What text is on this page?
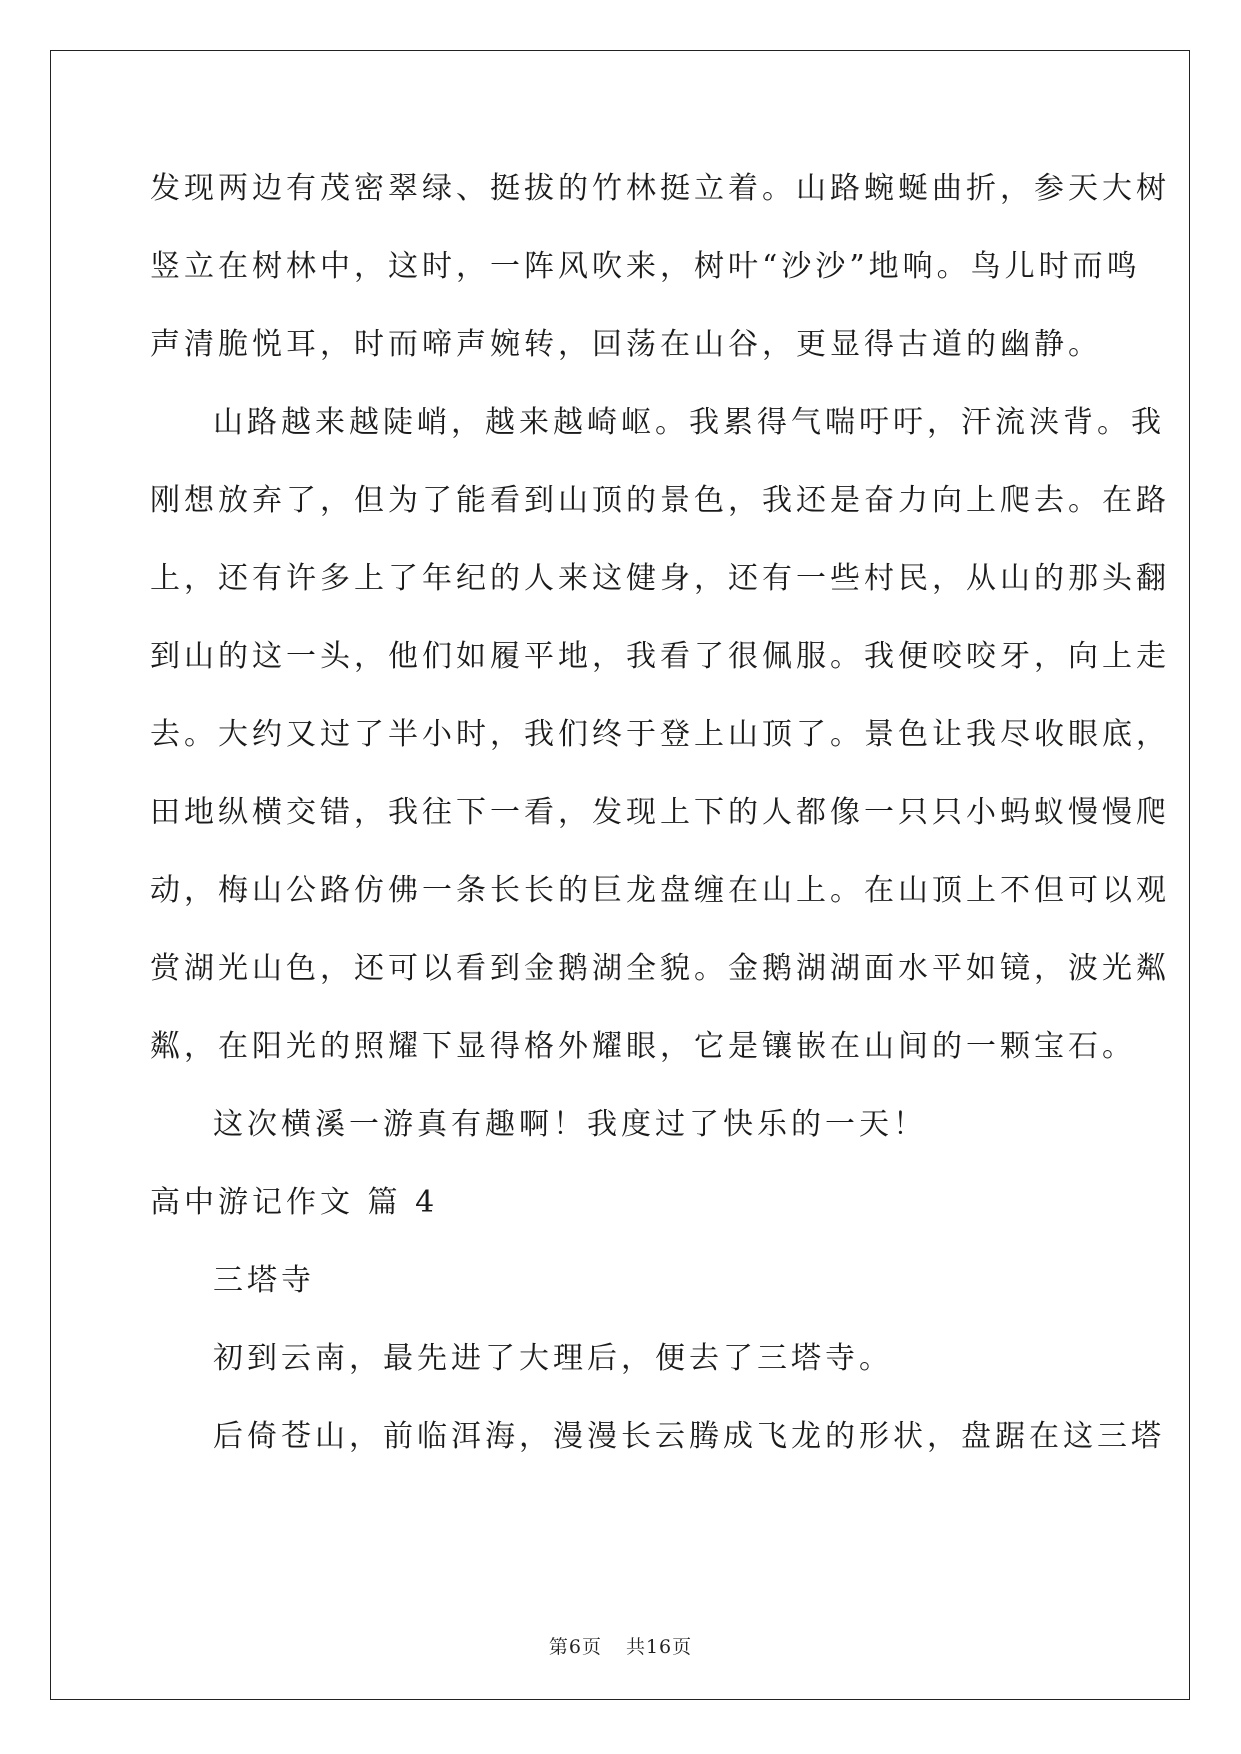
发现两边有茂密翠绿、挺拔的竹林挺立着。山路蜿蜒曲折，参天大树
竖立在树林中，这时，一阵风吹来，树叶“沙沙”地响。鸟儿时而鸣
声清脆悦耳，时而啼声婉转，回荡在山谷，更显得古道的幽静。
山路越来越陡峭，越来越崎岖。我累得气喘吁吁，汗流浃背。我
刚想放弃了，但为了能看到山顶的景色，我还是奋力向上爬去。在路
上，还有许多上了年纪的人来这健身，还有一些村民，从山的那头翻
到山的这一头，他们如履平地，我看了很佩服。我便咬咬牙，向上走
去。大约又过了半小时，我们终于登上山顶了。景色让我尽收眼底，
田地纵横交错，我往下一看，发现上下的人都像一只只小蚂蚁慢慢爬
动，梅山公路仿佛一条长长的巨龙盘缠在山上。在山顶上不但可以观
赏湖光山色，还可以看到金鹅湖全貌。金鹅湖湖面水平如镜，波光粼
粼，在阳光的照耀下显得格外耀眼，它是镶嵌在山间的一颗宝石。
这次横溪一游真有趣啊！我度过了快乐的一天！
高中游记作文 篇 4
三塔寺
初到云南，最先进了大理后，便去了三塔寺。
后倚苍山，前临洱海，漫漫长云腾成飞龙的形状，盘踞在这三塔
第6页 共16页
